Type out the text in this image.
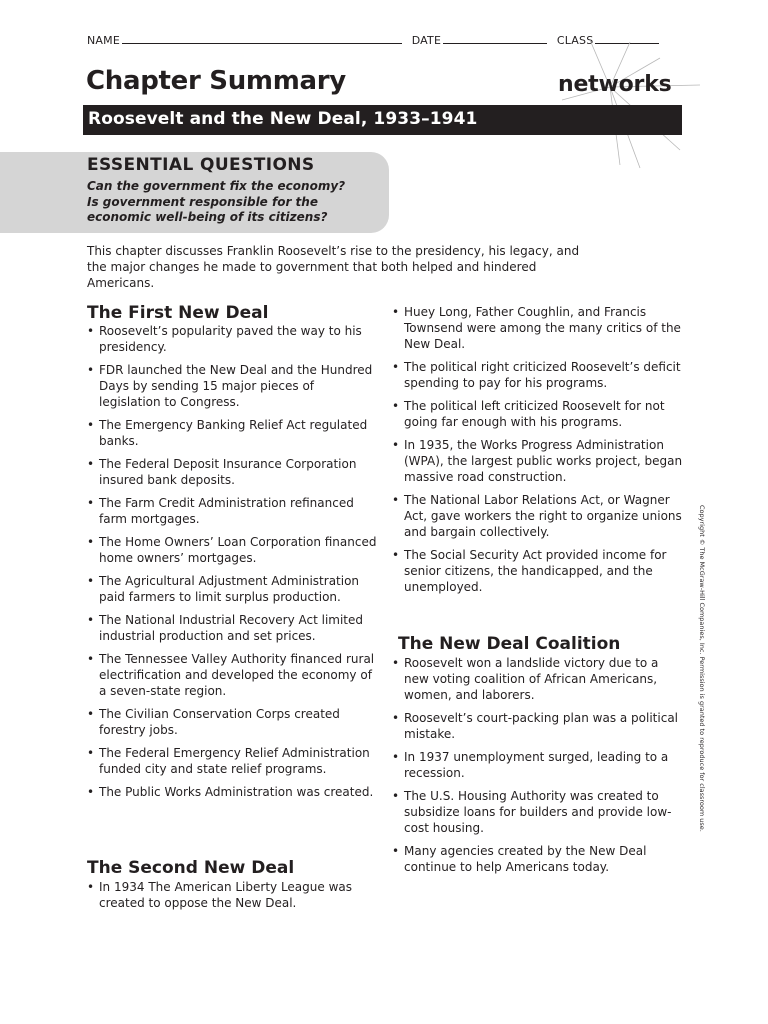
NAME	DATE	CLASS
Chapter Summary	networks
Roosevelt and the New Deal, 1933–1941
ESSENTIAL QUESTIONS
Can the government fix the economy?
Is government responsible for the
economic well-being of its citizens?
This chapter discusses Franklin Roosevelt’s rise to the presidency, his legacy, and the major changes he made to government that both helped and hindered Americans.
The First New Deal
• Roosevelt’s popularity paved the way to his presidency.
• FDR launched the New Deal and the Hundred Days by sending 15 major pieces of legislation to Congress.
• The Emergency Banking Relief Act regulated banks.
• The Federal Deposit Insurance Corporation insured bank deposits.
• The Farm Credit Administration refinanced farm mortgages.
• The Home Owners’ Loan Corporation financed home owners’ mortgages.
• The Agricultural Adjustment Administration paid farmers to limit surplus production.
• The National Industrial Recovery Act limited industrial production and set prices.
• The Tennessee Valley Authority financed rural electrification and developed the economy of a seven-state region.
• The Civilian Conservation Corps created forestry jobs.
• The Federal Emergency Relief Administration funded city and state relief programs.
• The Public Works Administration was created.
The Second New Deal
• In 1934 The American Liberty League was created to oppose the New Deal.
• Huey Long, Father Coughlin, and Francis Townsend were among the many critics of the New Deal.
• The political right criticized Roosevelt’s deficit spending to pay for his programs.
• The political left criticized Roosevelt for not going far enough with his programs.
• In 1935, the Works Progress Administration (WPA), the largest public works project, began massive road construction.
• The National Labor Relations Act, or Wagner Act, gave workers the right to organize unions and bargain collectively.
• The Social Security Act provided income for senior citizens, the handicapped, and the unemployed.
The New Deal Coalition
• Roosevelt won a landslide victory due to a new voting coalition of African Americans, women, and laborers.
• Roosevelt’s court-packing plan was a political mistake.
• In 1937 unemployment surged, leading to a recession.
• The U.S. Housing Authority was created to subsidize loans for builders and provide low-cost housing.
• Many agencies created by the New Deal continue to help Americans today.
Copyright © The McGraw-Hill Companies, Inc. Permission is granted to reproduce for classroom use.
